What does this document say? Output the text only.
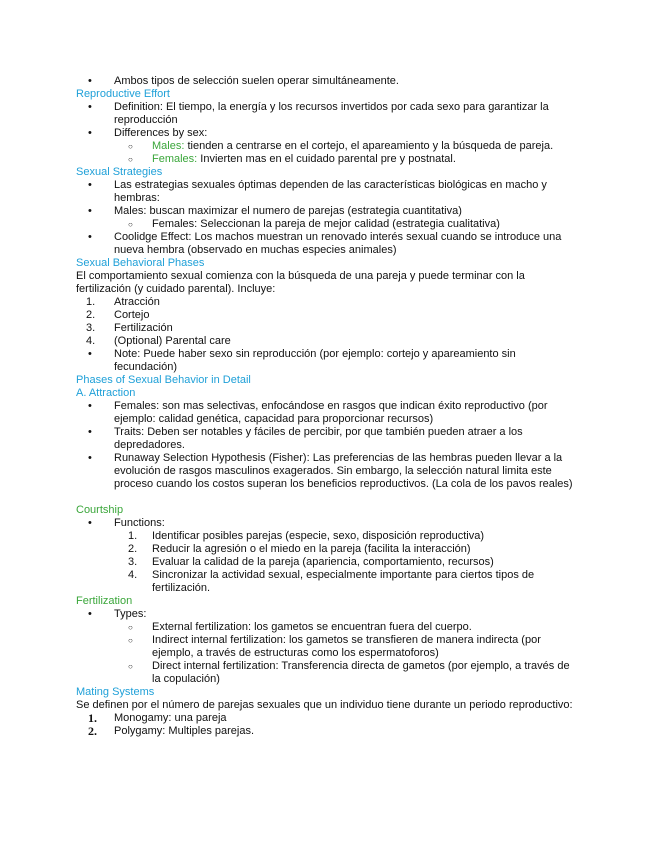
• Ambos tipos de selección suelen operar simultáneamente.
Reproductive Effort
• Definition: El tiempo, la energía y los recursos invertidos por cada sexo para garantizar la reproducción
• Differences by sex:
○ Males: tienden a centrarse en el cortejo, el apareamiento y la búsqueda de pareja.
○ Females: Invierten mas en el cuidado parental pre y postnatal.
Sexual Strategies
• Las estrategias sexuales óptimas dependen de las características biológicas en macho y hembras:
• Males: buscan maximizar el numero de parejas (estrategia cuantitativa)
○ Females: Seleccionan la pareja de mejor calidad (estrategia cualitativa)
• Coolidge Effect: Los machos muestran un renovado interés sexual cuando se introduce una nueva hembra (observado en muchas especies animales)
Sexual Behavioral Phases

El comportamiento sexual comienza con la búsqueda de una pareja y puede terminar con la fertilización (y cuidado parental). Incluye:

1.	Atracción
2.	Cortejo
3.	Fertilización
4.	(Optional) Parental care
• Note: Puede haber sexo sin reproducción (por ejemplo: cortejo y apareamiento sin fecundación)
Phases of Sexual Behavior in Detail
A. Attraction
• Females: son mas selectivas, enfocándose en rasgos que indican éxito reproductivo (por ejemplo: calidad genética, capacidad para proporcionar recursos)
• Traits: Deben ser notables y fáciles de percibir, por que también pueden atraer a los depredadores.
• Runaway Selection Hypothesis (Fisher): Las preferencias de las hembras pueden llevar a la evolución de rasgos masculinos exagerados. Sin embargo, la selección natural limita este proceso cuando los costos superan los beneficios reproductivos. (La cola de los pavos reales)
Courtship
• Functions:
1.	Identificar posibles parejas (especie, sexo, disposición reproductiva)
2.	Reducir la agresión o el miedo en la pareja (facilita la interacción)
3.	Evaluar la calidad de la pareja (apariencia, comportamiento, recursos)
4.	Sincronizar la actividad sexual, especialmente importante para ciertos tipos de fertilización.
Fertilization
• Types:
○ External fertilization: los gametos se encuentran fuera del cuerpo.
○ Indirect internal fertilization: los gametos se transfieren de manera indirecta (por ejemplo, a través de estructuras como los espermatoforos)
○ Direct internal fertilization: Transferencia directa de gametos (por ejemplo, a través de la copulación)
Mating Systems

Se definen por el número de parejas sexuales que un individuo tiene durante un periodo reproductivo:

1. Monogamy: una pareja
2. Polygamy: Multiples parejas.
